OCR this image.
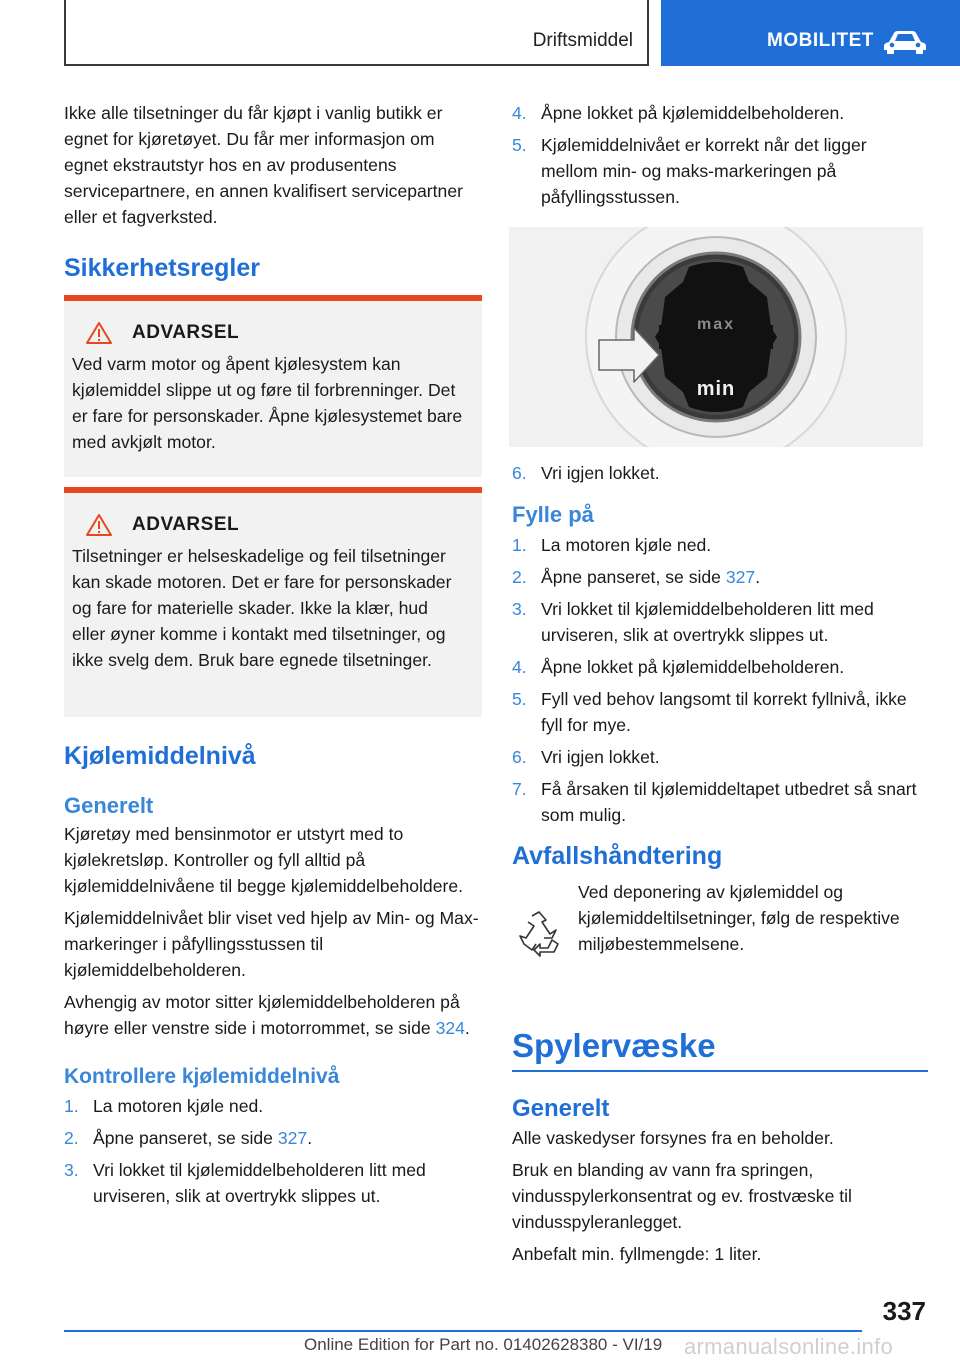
Driftsmiddel	MOBILITET

Ikke alle tilsetninger du får kjøpt i vanlig butikk er egnet for kjøretøyet. Du får mer informasjon om egnet ekstrautstyr hos en av produsentens servicepartnere, en annen kvalifisert servicepartner eller et fagverksted.

Sikkerhetsregler
ADVARSEL

Ved varm motor og åpent kjølesystem kan kjølemiddel slippe ut og føre til forbrenninger. Det er fare for personskader. Åpne kjølesystemet bare med avkjølt motor.

ADVARSEL

Tilsetninger er helseskadelige og feil tilsetninger kan skade motoren. Det er fare for personskader og fare for materielle skader. Ikke la klær, hud eller øyner komme i kontakt med tilsetninger, og ikke svelg dem. Bruk bare egnede tilsetninger.

Kjølemiddelnivå
Generelt

Kjøretøy med bensinmotor er utstyrt med to kjølekretsløp. Kontroller og fyll alltid på kjølemiddelnivåene til begge kjølemiddelbeholdere.

Kjølemiddelnivået blir viset ved hjelp av Min- og Max-markeringer i påfyllingsstussen til kjølemiddelbeholderen.

Avhengig av motor sitter kjølemiddelbeholderen på høyre eller venstre side i motorrommet, se side 324.

Kontrollere kjølemiddelnivå
1. La motoren kjøle ned.
2. Åpne panseret, se side 327.
3. Vri lokket til kjølemiddelbeholderen litt med urviseren, slik at overtrykk slippes ut.
4. Åpne lokket på kjølemiddelbeholderen.
5. Kjølemiddelnivået er korrekt når det ligger mellom min- og maks-markeringen på påfyllingsstussen.
max
min
6. Vri igjen lokket.
Fylle på
1. La motoren kjøle ned.
2. Åpne panseret, se side 327.
3. Vri lokket til kjølemiddelbeholderen litt med urviseren, slik at overtrykk slippes ut.
4. Åpne lokket på kjølemiddelbeholderen.
5. Fyll ved behov langsomt til korrekt fyllnivå, ikke fyll for mye.
6. Vri igjen lokket.
7. Få årsaken til kjølemiddeltapet utbedret så snart som mulig.
Avfallshåndtering

Ved deponering av kjølemiddel og kjølemiddeltilsetninger, følg de respektive miljøbestemmelsene.

Spylervæske
Generelt

Alle vaskedyser forsynes fra en beholder.

Bruk en blanding av vann fra springen, vindusspylerkonsentrat og ev. frostvæske til vindusspyleranlegget.

Anbefalt min. fyllmengde: 1 liter.

337
Online Edition for Part no. 01402628380 - VI/19 armanualsonline.info
